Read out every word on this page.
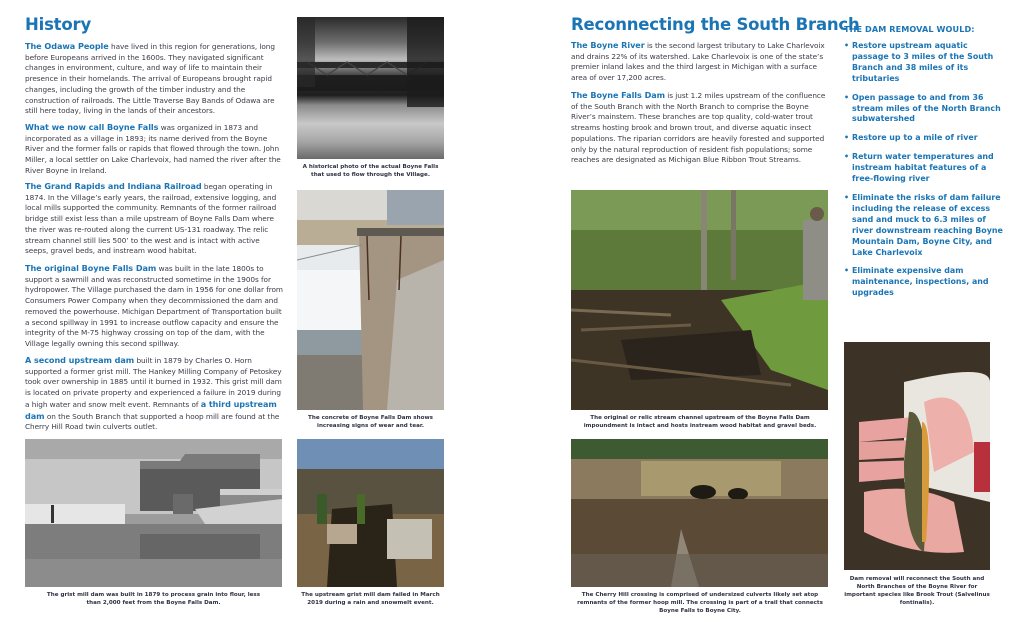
History

The Odawa People have lived in this region for generations, long before Europeans arrived in the 1600s. They navigated significant changes in environment, culture, and way of life to maintain their presence in their homelands. The arrival of Europeans brought rapid changes, including the growth of the timber industry and the construction of railroads. The Little Traverse Bay Bands of Odawa are still here today, living in the lands of their ancestors.

What we now call Boyne Falls was organized in 1873 and incorporated as a village in 1893; its name derived from the Boyne River and the former falls or rapids that flowed through the town. John Miller, a local settler on Lake Charlevoix, had named the river after the River Boyne in Ireland.

The Grand Rapids and Indiana Railroad began operating in 1874. In the Village’s early years, the railroad, extensive logging, and local mills supported the community. Remnants of the former railroad bridge still exist less than a mile upstream of Boyne Falls Dam where the river was re-routed along the current US-131 roadway. The relic stream channel still lies 500’ to the west and is intact with active seeps, gravel beds, and instream wood habitat.

The original Boyne Falls Dam was built in the late 1800s to support a sawmill and was reconstructed sometime in the 1900s for hydropower. The Village purchased the dam in 1956 for one dollar from Consumers Power Company when they decommissioned the dam and removed the powerhouse. Michigan Department of Transportation built a second spillway in 1991 to increase outflow capacity and ensure the integrity of the M-75 highway crossing on top of the dam, with the Village legally owning this second spillway.

A second upstream dam built in 1879 by Charles O. Horn supported a former grist mill. The Hankey Milling Company of Petoskey took over ownership in 1885 until it burned in 1932. This grist mill dam is located on private property and experienced a failure in 2019 during a high water and snow melt event. Remnants of a third upstream dam on the South Branch that supported a hoop mill are found at the Cherry Hill Road twin culverts outlet.

A historical photo of the actual Boyne Falls that used to flow through the Village.

The concrete of Boyne Falls Dam shows increasing signs of wear and tear.

The grist mill dam was built in 1879 to process grain into flour, less than 2,000 feet from the Boyne Falls Dam.

The upstream grist mill dam failed in March 2019 during a rain and snowmelt event.

Reconnecting the South Branch

The Boyne River is the second largest tributary to Lake Charlevoix and drains 22% of its watershed. Lake Charlevoix is one of the state’s premier inland lakes and the third largest in Michigan with a surface area of over 17,200 acres.

The Boyne Falls Dam is just 1.2 miles upstream of the confluence of the South Branch with the North Branch to comprise the Boyne River’s mainstem. These branches are top quality, cold-water trout streams hosting brook and brown trout, and diverse aquatic insect populations. The riparian corridors are heavily forested and supported only by the natural reproduction of resident fish populations; some reaches are designated as Michigan Blue Ribbon Trout Streams.

The original or relic stream channel upstream of the Boyne Falls Dam impoundment is intact and hosts instream wood habitat and gravel beds.

The Cherry Hill crossing is comprised of undersized culverts likely set atop remnants of the former hoop mill. The crossing is part of a trail that connects Boyne Falls to Boyne City.

THE DAM REMOVAL WOULD:
• Restore upstream aquatic passage to 3 miles of the South Branch and 38 miles of its tributaries
• Open passage to and from 36 stream miles of the North Branch subwatershed
• Restore up to a mile of river
• Return water temperatures and instream habitat features of a free-flowing river
• Eliminate the risks of dam failure including the release of excess sand and muck to 6.3 miles of river downstream reaching Boyne Mountain Dam, Boyne City, and Lake Charlevoix
• Eliminate expensive dam maintenance, inspections, and upgrades

Dam removal will reconnect the South and North Branches of the Boyne River for important species like Brook Trout (Salvelinus fontinalis).
